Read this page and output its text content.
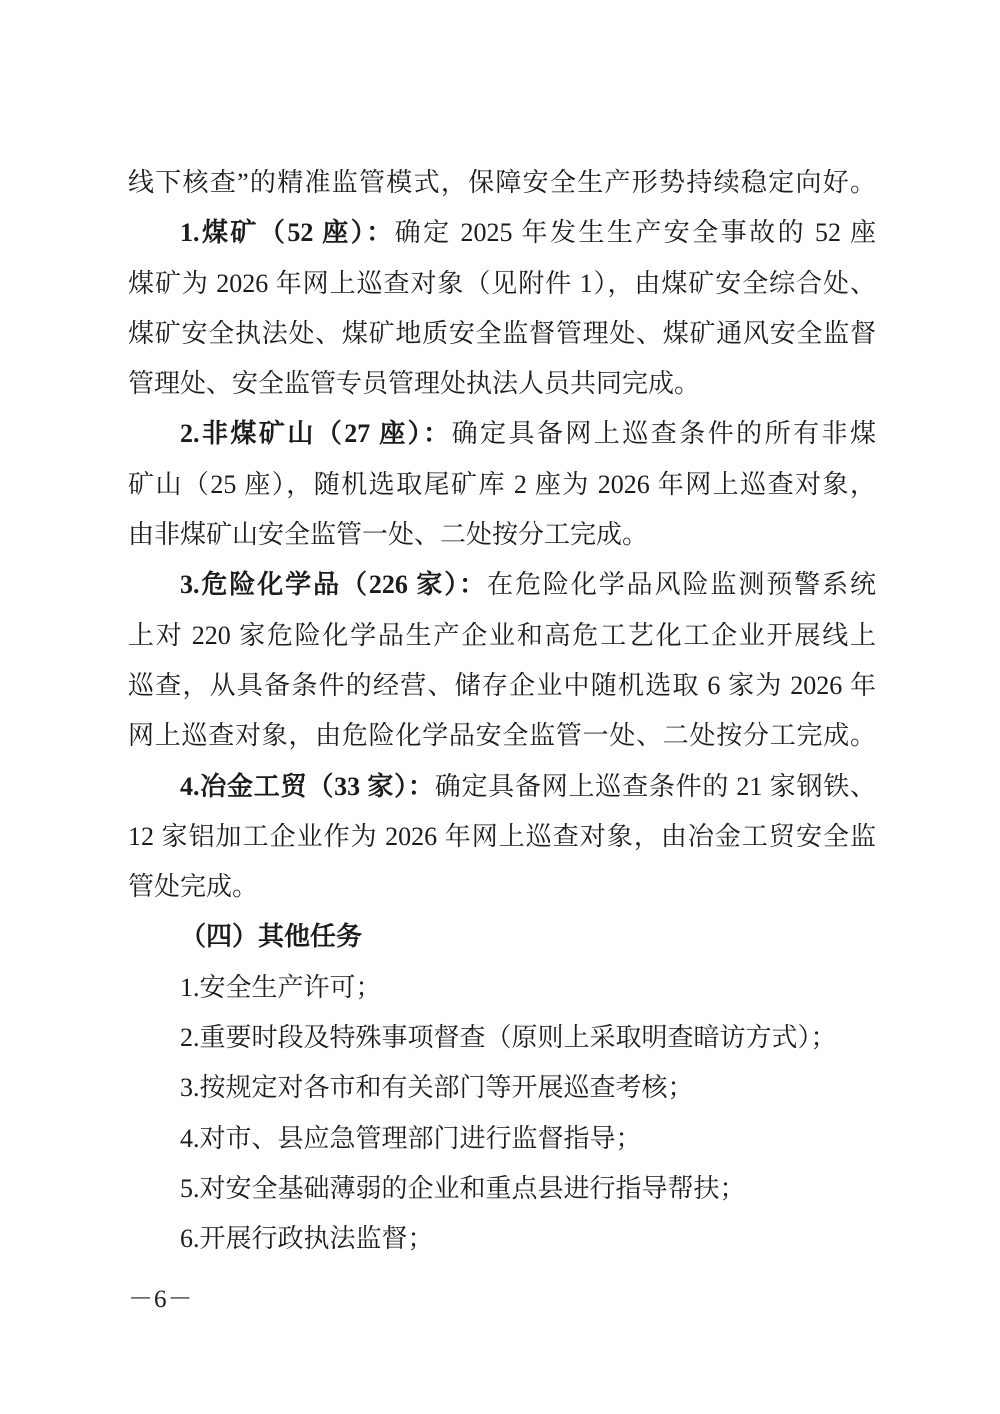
线下核查”的精准监管模式，保障安全生产形势持续稳定向好。
1.煤矿（52 座）：确定 2025 年发生生产安全事故的 52 座
煤矿为 2026 年网上巡查对象（见附件 1），由煤矿安全综合处、
煤矿安全执法处、煤矿地质安全监督管理处、煤矿通风安全监督
管理处、安全监管专员管理处执法人员共同完成。
2.非煤矿山（27 座）：确定具备网上巡查条件的所有非煤
矿山（25 座），随机选取尾矿库 2 座为 2026 年网上巡查对象，
由非煤矿山安全监管一处、二处按分工完成。
3.危险化学品（226 家）：在危险化学品风险监测预警系统
上对 220 家危险化学品生产企业和高危工艺化工企业开展线上
巡查，从具备条件的经营、储存企业中随机选取 6 家为 2026 年
网上巡查对象，由危险化学品安全监管一处、二处按分工完成。
4.冶金工贸（33 家）：确定具备网上巡查条件的 21 家钢铁、
12 家铝加工企业作为 2026 年网上巡查对象，由冶金工贸安全监
管处完成。
（四）其他任务
1.安全生产许可；
2.重要时段及特殊事项督查（原则上采取明查暗访方式）；
3.按规定对各市和有关部门等开展巡查考核；
4.对市、县应急管理部门进行监督指导；
5.对安全基础薄弱的企业和重点县进行指导帮扶；
6.开展行政执法监督；
－6－
